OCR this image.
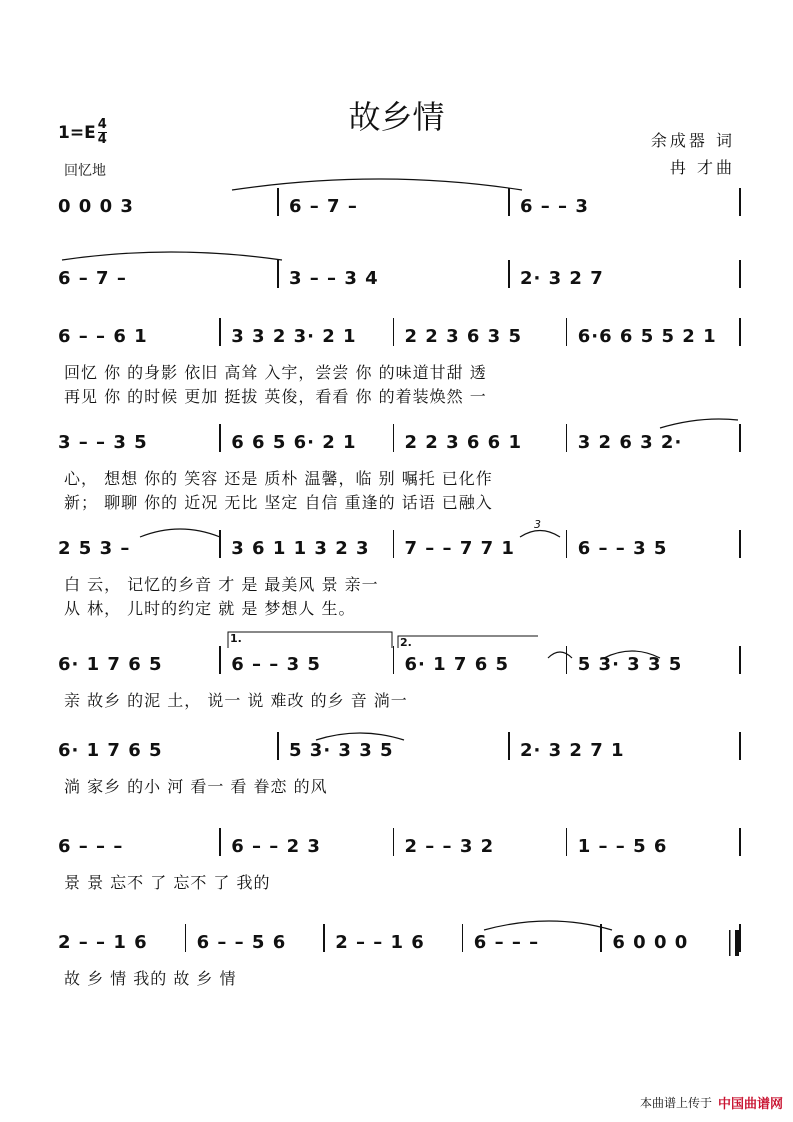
故乡情
$1=E \frac{4}{4}$
回忆地
余成器 词
冉 才曲
0 0 0 3	6 – 7 –	6 – – 3
6 – 7 –	3 – – 3 4	2· 3 2 7
6 – – 6 1	3 3 2 3· 2 1	2 2 3 6 3 5	6·6 6 5 5 2 1
回忆 你 的身影 依旧 高耸 入宇，尝尝 你 的味道甘甜 透
再见 你 的时候 更加 挺拔 英俊，看看 你 的着装焕然 一
3 – – 3 5	6 6 5 6· 2 1	2 2 3 6 6 1	3 2 6 3 2·
心， 想想 你的 笑容 还是 质朴 温馨，临 别 嘱托 已化作
新； 聊聊 你的 近况 无比 坚定 自信 重逢的 话语 已融入
2 5 3 –	3 6 1 1 3 2 3 7 – – 7 7 1	6 – – 3 5
白 云， 记忆的乡音 才 是 最美风 景 亲一
从 林， 儿时的约定 就 是 梦想人 生。
6· 1 7 6 5	6 – – 3 5	6· 1 7 6 5	5 3· 3 3 5
亲 故乡 的泥 土， 说一 说 难改 的乡 音 淌一
6· 1 7 6 5	5 3· 3 3 5	2· 3 2 7 1
淌 家乡 的小 河 看一 看 眷恋 的风
6 – – –	6 – – 2 3	2 – – 3 2	1 – – 5 6
景 景 忘不 了 忘不 了 我的
2 – – 1 6	6 – – 5 6	2 – – 1 6	6 – – –	6 0 0 0
故 乡 情 我的 故 乡 情
1.	2.
3
本曲谱上传于 中国曲谱网
